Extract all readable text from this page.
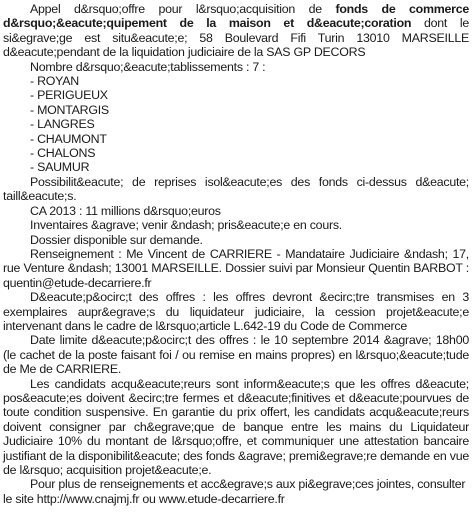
Appel d&rsquo;offre pour l&rsquo;acquisition de fonds de commerce d&rsquo;&eacute;quipement de la maison et d&eacute;coration dont le si&egrave;ge est situ&eacute;e; 58 Boulevard Fifi Turin 13010 MARSEILLE d&eacute;pendant de la liquidation judiciaire de la SAS GP DECORS

Nombre d&rsquo;&eacute;tablissements : 7 :

- ROYAN
- PERIGUEUX
- MONTARGIS
- LANGRES
- CHAUMONT
- CHALONS
- SAUMUR

Possibilit&eacute; de reprises isol&eacute;es des fonds ci-dessus d&eacute; taill&eacute;s.

CA 2013 : 11 millions d&rsquo;euros

Inventaires &agrave; venir &ndash; pris&eacute;e en cours.

Dossier disponible sur demande.

Renseignement : Me Vincent de CARRIERE - Mandataire Judiciaire &ndash; 17, rue Venture &ndash; 13001 MARSEILLE. Dossier suivi par Monsieur Quentin BARBOT : quentin@etude-decarriere.fr

D&eacute;p&ocirc;t des offres : les offres devront &ecirc;tre transmises en 3 exemplaires aupr&egrave;s du liquidateur judiciaire, la cession projet&eacute;e intervenant dans le cadre de l&rsquo;article L.642-19 du Code de Commerce

Date limite d&eacute;p&ocirc;t des offres : le 10 septembre 2014 &agrave; 18h00 (le cachet de la poste faisant foi / ou remise en mains propres) en l&rsquo;&eacute;tude de Me de CARRIERE.

Les candidats acqu&eacute;reurs sont inform&eacute;s que les offres d&eacute; pos&eacute;es doivent &ecirc;tre fermes et d&eacute;finitives et d&eacute;pourvues de toute condition suspensive. En garantie du prix offert, les candidats acqu&eacute;reurs doivent consigner par ch&egrave;que de banque entre les mains du Liquidateur Judiciaire 10% du montant de l&rsquo;offre, et communiquer une attestation bancaire justifiant de la disponibilit&eacute; des fonds &agrave; premi&egrave;re demande en vue de l&rsquo; acquisition projet&eacute;e.

Pour plus de renseignements et acc&egrave;s aux pi&egrave;ces jointes, consulter le site http://www.cnajmj.fr ou www.etude-decarriere.fr
